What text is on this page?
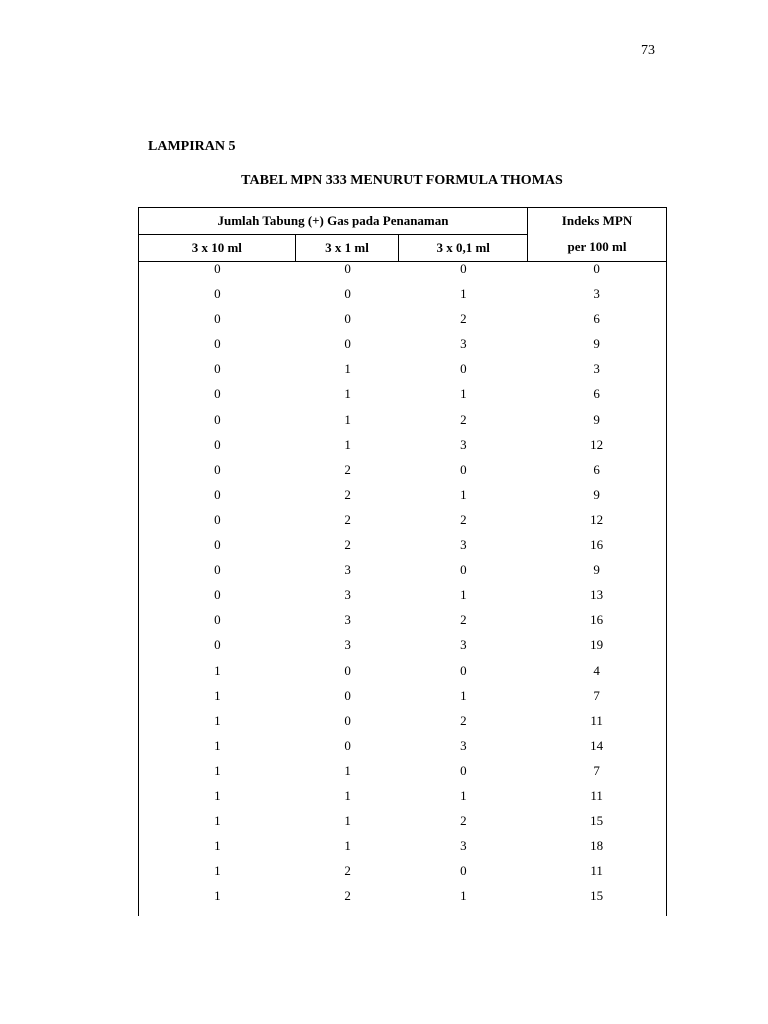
73
LAMPIRAN 5
TABEL MPN 333 MENURUT FORMULA THOMAS
Jumlah Tabung (+) Gas pada Penanaman
3 x 10 ml	3 x 1 ml	3 x 0,1 ml
Indeks MPN
per 100 ml
0	0	0	0
0	0	1	3
0	0	2	6
0	0	3	9
0	1	0	3
0	1	1	6
0	1	2	9
0	1	3	12
0	2	0	6
0	2	1	9
0	2	2	12
0	2	3	16
0	3	0	9
0	3	1	13
0	3	2	16
0	3	3	19
1	0	0	4
1	0	1	7
1	0	2	11
1	0	3	14
1	1	0	7
1	1	1	11
1	1	2	15
1	1	3	18
1	2	0	11
1	2	1	15
